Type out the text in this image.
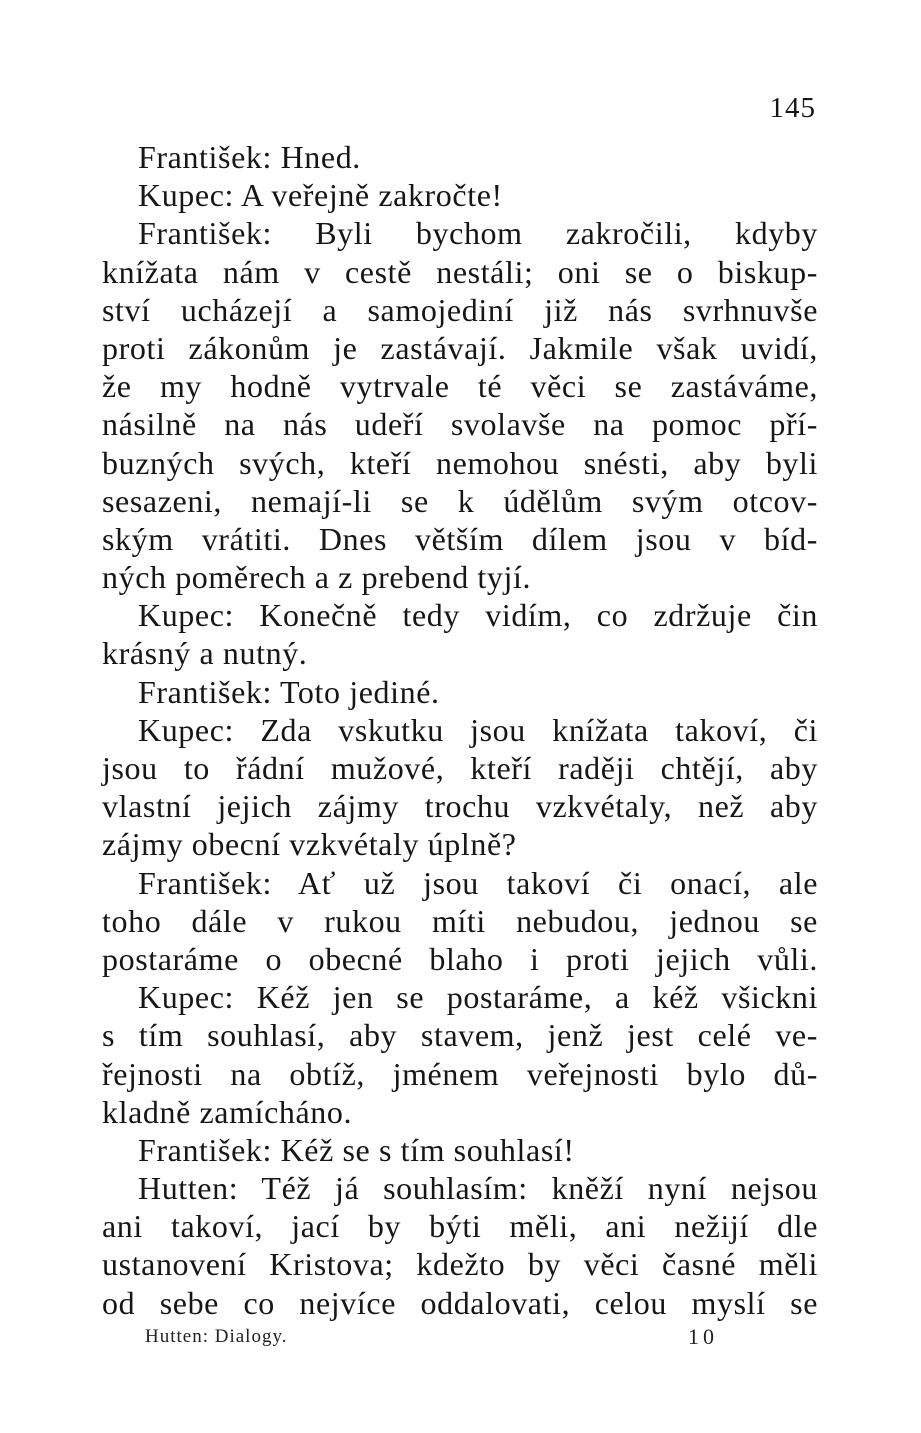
145
František: Hned.
Kupec: A veřejně zakročte!
František: Byli bychom zakročili, kdyby
knížata nám v cestě nestáli; oni se o biskup-
ství ucházejí a samojediní již nás svrhnuvše
proti zákonům je zastávají. Jakmile však uvidí,
že my hodně vytrvale té věci se zastáváme,
násilně na nás udeří svolavše na pomoc pří-
buzných svých, kteří nemohou snésti, aby byli
sesazeni, nemají-li se k údělům svým otcov-
ským vrátiti. Dnes větším dílem jsou v bíd-
ných poměrech a z prebend tyjí.
Kupec: Konečně tedy vidím, co zdržuje čin
krásný a nutný.
František: Toto jediné.
Kupec: Zda vskutku jsou knížata takoví, či
jsou to řádní mužové, kteří raději chtějí, aby
vlastní jejich zájmy trochu vzkvétaly, než aby
zájmy obecní vzkvétaly úplně?
František: Ať už jsou takoví či onací, ale
toho dále v rukou míti nebudou, jednou se
postaráme o obecné blaho i proti jejich vůli.
Kupec: Kéž jen se postaráme, a kéž všickni
s tím souhlasí, aby stavem, jenž jest celé ve-
řejnosti na obtíž, jménem veřejnosti bylo dů-
kladně zamícháno.
František: Kéž se s tím souhlasí!
Hutten: Též já souhlasím: kněží nyní nejsou
ani takoví, jací by býti měli, ani nežijí dle
ustanovení Kristova; kdežto by věci časné měli
od sebe co nejvíce oddalovati, celou myslí se
Hutten: Dialogy.	10
